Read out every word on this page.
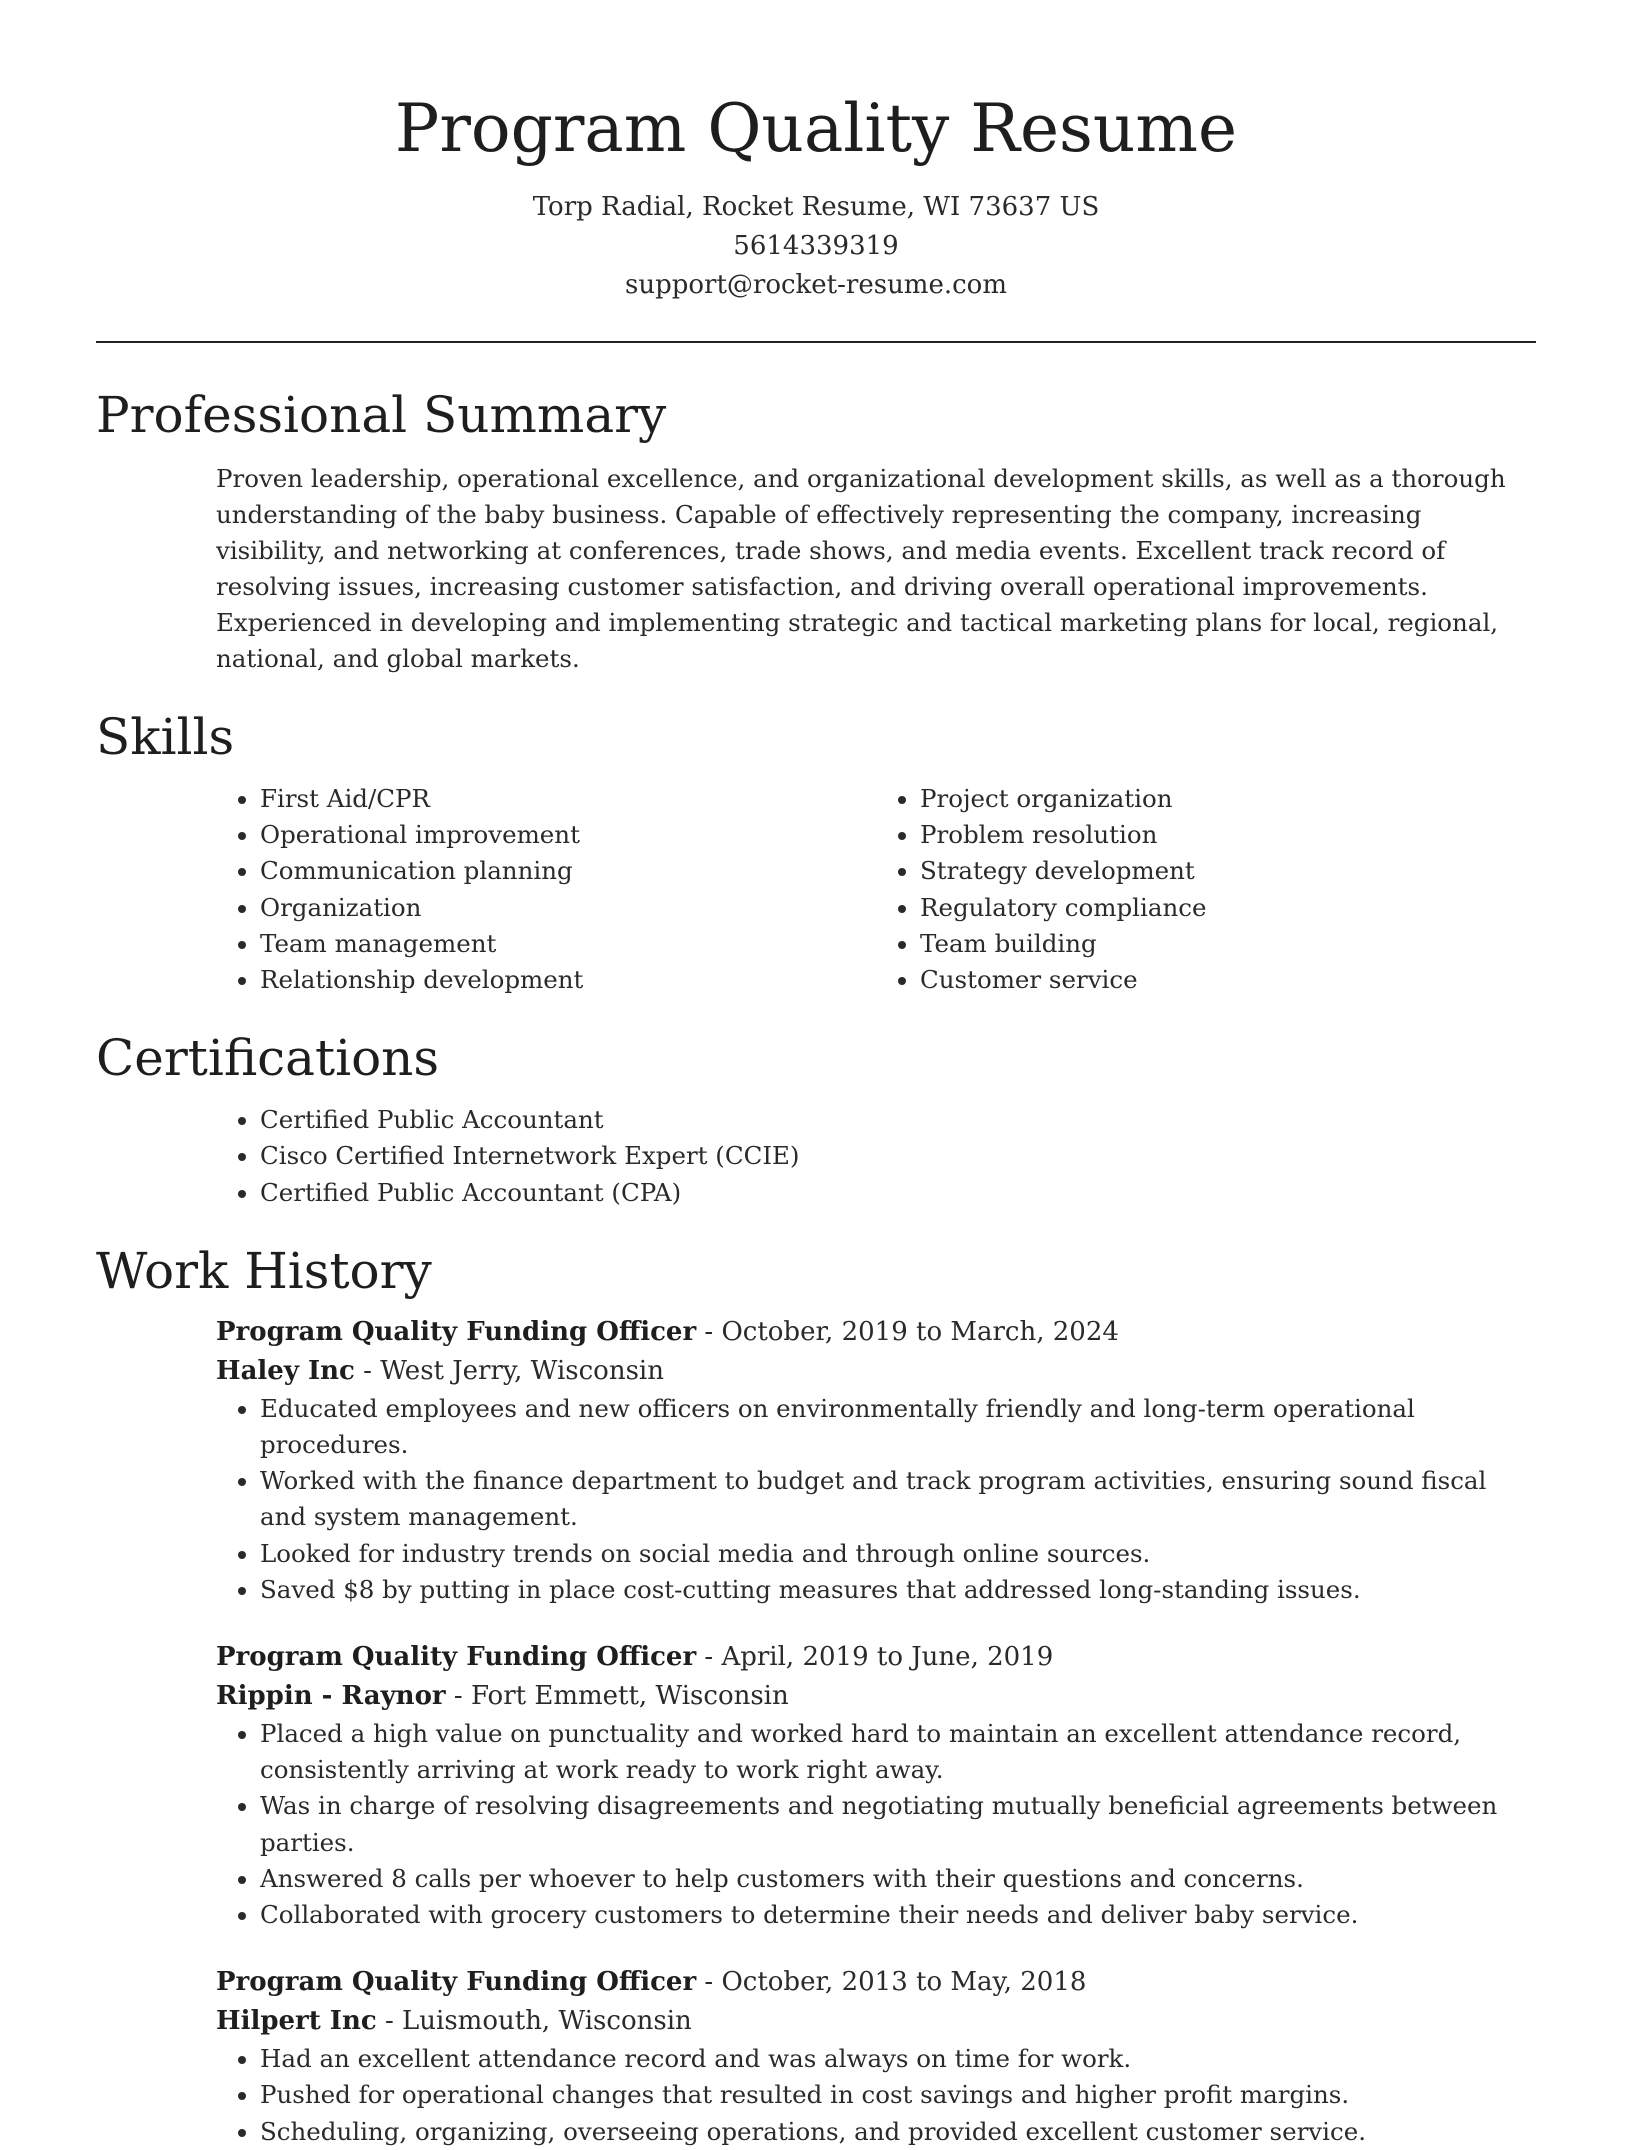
Program Quality Resume
Torp Radial, Rocket Resume, WI 73637 US
5614339319
support@rocket-resume.com
Professional Summary

Proven leadership, operational excellence, and organizational development skills, as well as a thorough understanding of the baby business. Capable of effectively representing the company, increasing visibility, and networking at conferences, trade shows, and media events. Excellent track record of resolving issues, increasing customer satisfaction, and driving overall operational improvements. Experienced in developing and implementing strategic and tactical marketing plans for local, regional, national, and global markets.

Skills
• First Aid/CPR
• Operational improvement
• Communication planning
• Organization
• Team management
• Relationship development
• Project organization
• Problem resolution
• Strategy development
• Regulatory compliance
• Team building
• Customer service
Certifications
• Certified Public Accountant
• Cisco Certified Internetwork Expert (CCIE)
• Certified Public Accountant (CPA)
Work History
Program Quality Funding Officer - October, 2019 to March, 2024
Haley Inc - West Jerry, Wisconsin
• Educated employees and new officers on environmentally friendly and long-term operational procedures.
• Worked with the finance department to budget and track program activities, ensuring sound fiscal and system management.
• Looked for industry trends on social media and through online sources.
• Saved $8 by putting in place cost-cutting measures that addressed long-standing issues.
Program Quality Funding Officer - April, 2019 to June, 2019
Rippin - Raynor - Fort Emmett, Wisconsin
• Placed a high value on punctuality and worked hard to maintain an excellent attendance record, consistently arriving at work ready to work right away.
• Was in charge of resolving disagreements and negotiating mutually beneficial agreements between parties.
• Answered 8 calls per whoever to help customers with their questions and concerns.
• Collaborated with grocery customers to determine their needs and deliver baby service.
Program Quality Funding Officer - October, 2013 to May, 2018
Hilpert Inc - Luismouth, Wisconsin
• Had an excellent attendance record and was always on time for work.
• Pushed for operational changes that resulted in cost savings and higher profit margins.
• Scheduling, organizing, overseeing operations, and provided excellent customer service.
